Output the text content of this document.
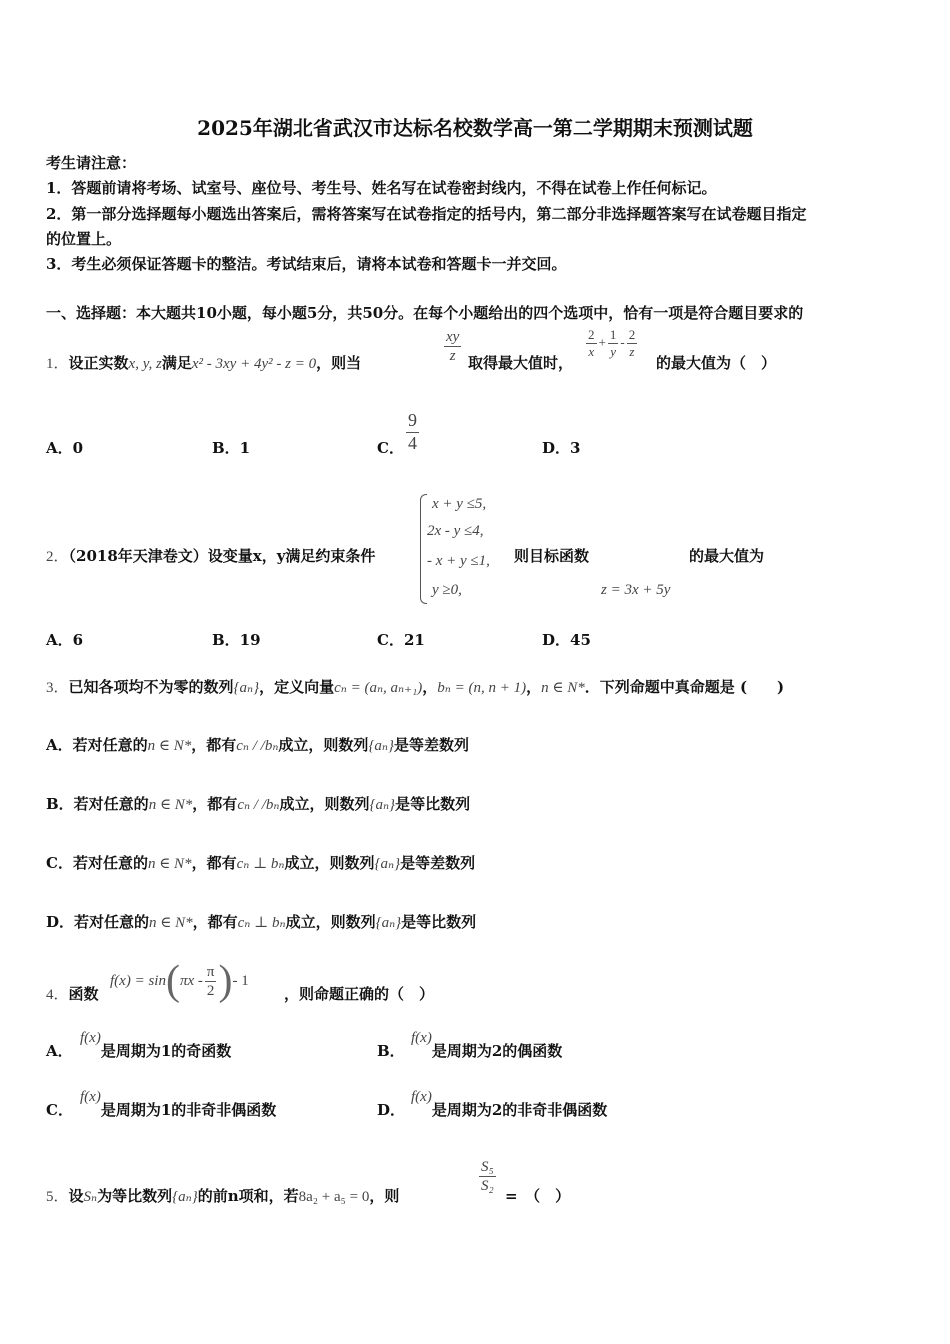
2025年湖北省武汉市达标名校数学高一第二学期期末预测试题
考生请注意：
1．答题前请将考场、试室号、座位号、考生号、姓名写在试卷密封线内，不得在试卷上作任何标记。
2．第一部分选择题每小题选出答案后，需将答案写在试卷指定的括号内，第二部分非选择题答案写在试卷题目指定
的位置上。
3．考生必须保证答题卡的整洁。考试结束后，请将本试卷和答题卡一并交回。
一、选择题：本大题共10小题，每小题5分，共50分。在每个小题给出的四个选项中，恰有一项是符合题目要求的
1．设正实数x, y, z满足x² - 3xy + 4y² - z = 0，则当	$\frac{xy}{z}$ 取得最大值时，
$\frac{2}{x} + \frac{1}{y} - \frac{2}{z}$
的最大值为（　）
A．0	B．1	C． $\frac{9}{4}$	D．3
2．（2018年天津卷文）设变量x，y满足约束条件
x + y ≤5,
2x - y ≤4,
- x + y ≤1,
y ≥0,
则目标函数	的最大值为
z = 3x + 5y
A．6	B．19	C．21	D．45
3．已知各项均不为零的数列{aₙ}，定义向量cₙ = (aₙ, aₙ₊₁)，bₙ = (n, n + 1)，n ∈ N*．下列命题中真命题是 (　　)
A．若对任意的n ∈ N*，都有cₙ / /bₙ成立，则数列{aₙ}是等差数列
B．若对任意的n ∈ N*，都有cₙ / /bₙ成立，则数列{aₙ}是等比数列
C．若对任意的n ∈ N*，都有cₙ ⊥ bₙ成立，则数列{aₙ}是等差数列
D．若对任意的n ∈ N*，都有cₙ ⊥ bₙ成立，则数列{aₙ}是等比数列
4．函数
$f(x) = \sin(\pi x - \frac{\pi}{2}$ )- 1
，则命题正确的（　）
A．f(x)是周期为1的奇函数	B．f(x)是周期为2的偶函数
C．f(x)是周期为1的非奇非偶函数	D．f(x)是周期为2的非奇非偶函数
5．设Sₙ为等比数列{aₙ}的前n项和，若8a₂ + a₅ = 0，则
$\frac{\text{S₅}}{\text{S₂}}$
=　（　）
